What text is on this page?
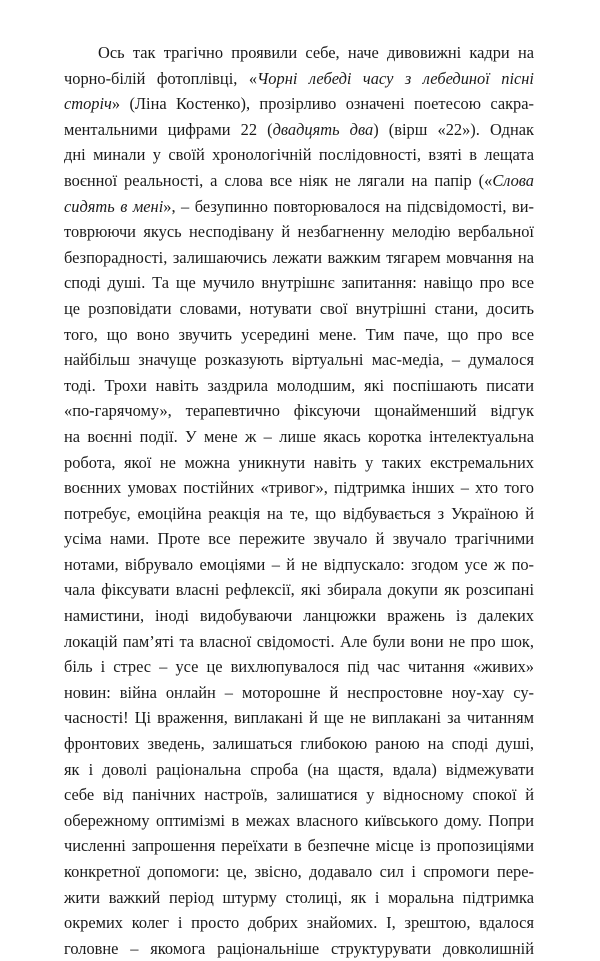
Ось так трагічно проявили себе, наче дивовижні кадри на
чорно-білій фотоплівці, «Чорні лебеді часу з лебединої пісні
сторіч» (Ліна Костенко), прозірливо означені поетесою сакра-
ментальними цифрами 22 (двадцять два) (вірш «22»). Однак
дні минали у своїй хронологічній послідовності, взяті в лещата
воєнної реальності, а слова все ніяк не лягали на папір («Слова
сидять в мені», – безупинно повторювалося на підсвідомості, ви-
товрюючи якусь несподівану й незбагненну мелодію вербальної
безпорадності, залишаючись лежати важким тягарем мовчання на
споді душі. Та ще мучило внутрішнє запитання: навіщо про все
це розповідати словами, нотувати свої внутрішні стани, досить
того, що воно звучить усередині мене. Тим паче, що про все
найбільш значуще розказують віртуальні мас-медіа, – думалося
тоді. Трохи навіть заздрила молодшим, які поспішають писати
«по-гарячому», терапевтично фіксуючи щонайменший відгук
на воєнні події. У мене ж – лише якась коротка інтелектуальна
робота, якої не можна уникнути навіть у таких екстремальних
воєнних умовах постійних «тривог», підтримка інших – хто того
потребує, емоційна реакція на те, що відбувається з Україною й
усіма нами. Проте все пережите звучало й звучало трагічними
нотами, вібрувало емоціями – й не відпускало: згодом усе ж по-
чала фіксувати власні рефлексії, які збирала докупи як розсипані
намистини, іноді видобуваючи ланцюжки вражень із далеких
локацій пам’яті та власної свідомості. Але були вони не про шок,
біль і стрес – усе це вихлюпувалося під час читання «живих»
новин: війна онлайн – моторошне й неспростовне ноу-хау су-
часності! Ці враження, виплакані й ще не виплакані за читанням
фронтових зведень, залишаться глибокою раною на споді душі,
як і доволі раціональна спроба (на щастя, вдала) відмежувати
себе від панічних настроїв, залишатися у відносному спокої й
обережному оптимізмі в межах власного київського дому. Попри
численні запрошення переїхати в безпечне місце із пропозиціями
конкретної допомоги: це, звісно, додавало сил і спромоги пере-
жити важкий період штурму столиці, як і моральна підтримка
окремих колег і просто добрих знайомих. І, зрештою, вдалося
головне – якомога раціональніше структурувати довколишній
